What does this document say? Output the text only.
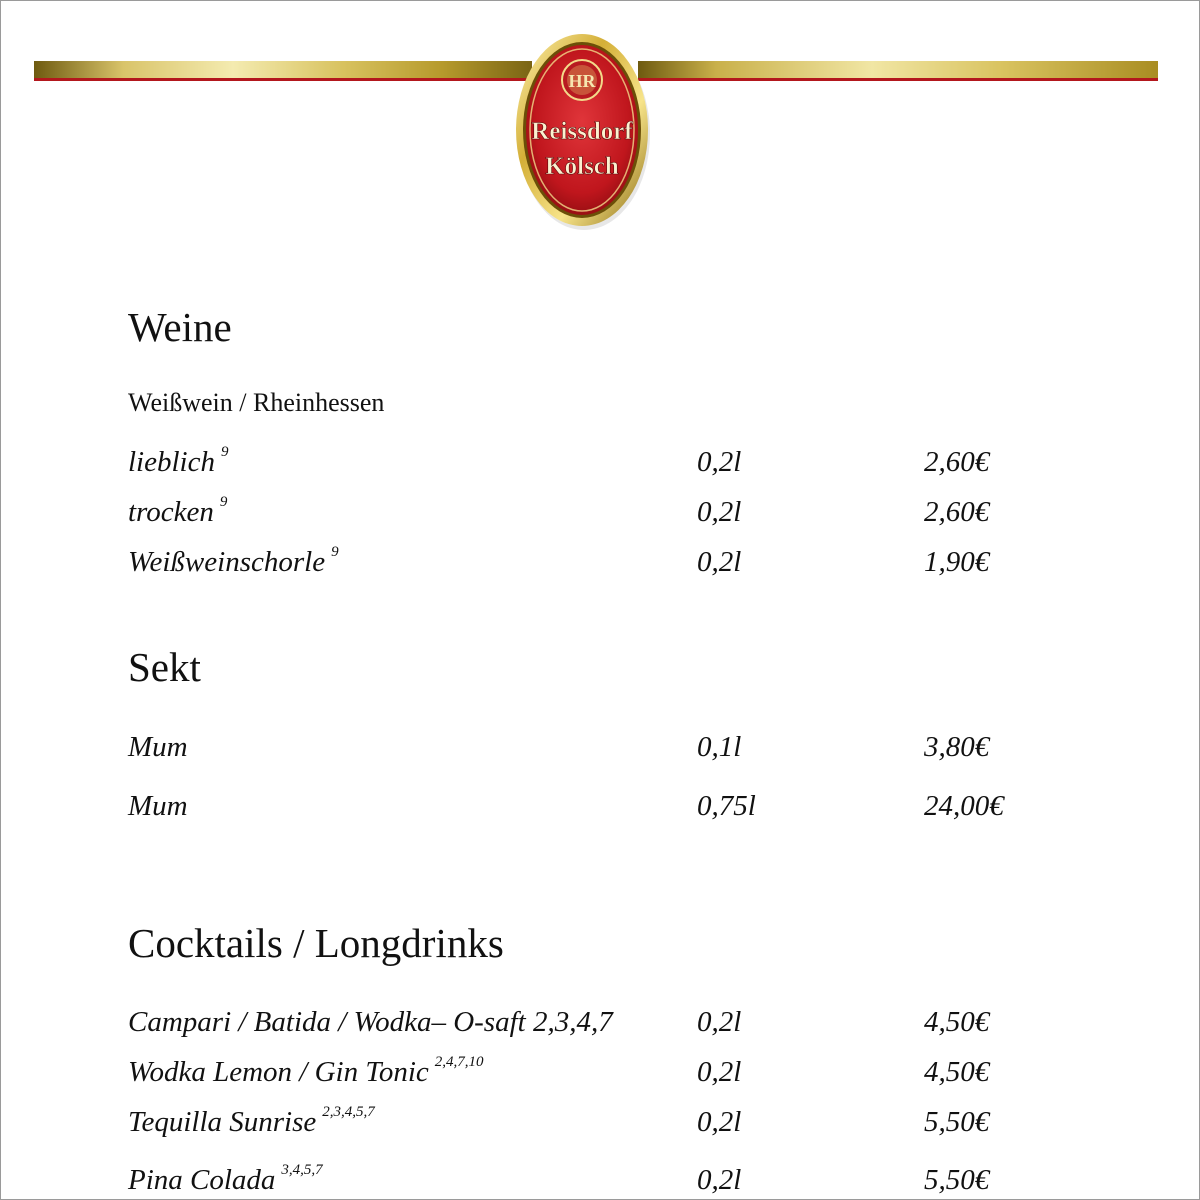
HR
Reissdorf
Kölsch
Weine
Weißwein / Rheinhessen
lieblich $^9$	0,2l	2,60€
trocken $^9$	0,2l	2,60€
Weißweinschorle $^9$	0,2l	1,90€
Sekt
Mum	0,1l	3,80€
Mum	0,75l	24,00€
Cocktails / Longdrinks
Campari / Batida / Wodka– O-saft 2,3,4,7	0,2l	4,50€
Wodka Lemon / Gin Tonic $^{2,4,7,10}$	0,2l	4,50€
Tequilla Sunrise $^{2,3,4,5,7}$	0,2l	5,50€
Pina Colada $^{3,4,5,7}$	0,2l	5,50€
